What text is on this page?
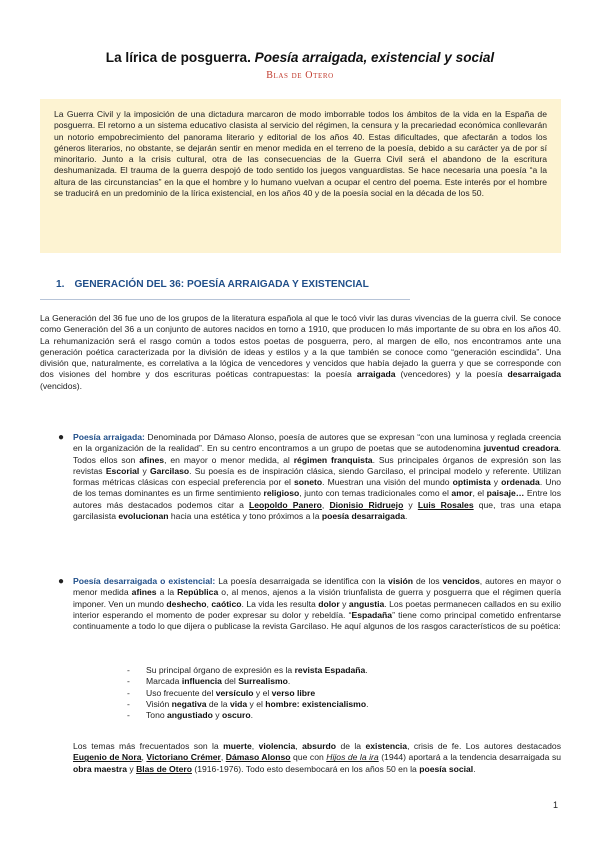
La lírica de posguerra. Poesía arraigada, existencial y social
Blas de Otero
La Guerra Civil y la imposición de una dictadura marcaron de modo imborrable todos los ámbitos de la vida en la España de posguerra. El retorno a un sistema educativo clasista al servicio del régimen, la censura y la precariedad económica conllevarán un notorio empobrecimiento del panorama literario y editorial de los años 40. Estas dificultades, que afectarán a todos los géneros literarios, no obstante, se dejarán sentir en menor medida en el terreno de la poesía, debido a su carácter ya de por sí minoritario. Junto a la crisis cultural, otra de las consecuencias de la Guerra Civil será el abandono de la escritura deshumanizada. El trauma de la guerra despojó de todo sentido los juegos vanguardistas. Se hace necesaria una poesía “a la altura de las circunstancias” en la que el hombre y lo humano vuelvan a ocupar el centro del poema. Este interés por el hombre se traducirá en un predominio de la lírica existencial, en los años 40 y de la poesía social en la década de los 50.
1. GENERACIÓN DEL 36: POESÍA ARRAIGADA Y EXISTENCIAL
La Generación del 36 fue uno de los grupos de la literatura española al que le tocó vivir las duras vivencias de la guerra civil. Se conoce como Generación del 36 a un conjunto de autores nacidos en torno a 1910, que producen lo más importante de su obra en los años 40. La rehumanización será el rasgo común a todos estos poetas de posguerra, pero, al margen de ello, nos encontramos ante una generación poética caracterizada por la división de ideas y estilos y a la que también se conoce como “generación escindida”. Una división que, naturalmente, es correlativa a la lógica de vencedores y vencidos que había dejado la guerra y que se corresponde con dos visiones del hombre y dos escrituras poéticas contrapuestas: la poesía arraigada (vencedores) y la poesía desarraigada (vencidos).
●	Poesía arraigada: Denominada por Dámaso Alonso, poesía de autores que se expresan “con una luminosa y reglada creencia en la organización de la realidad”. En su centro encontramos a un grupo de poetas que se autodenomina juventud creadora. Todos ellos son afines, en mayor o menor medida, al régimen franquista. Sus principales órganos de expresión son las revistas Escorial y Garcilaso. Su poesía es de inspiración clásica, siendo Garcilaso, el principal modelo y referente. Utilizan formas métricas clásicas con especial preferencia por el soneto. Muestran una visión del mundo optimista y ordenada. Uno de los temas dominantes es un firme sentimiento religioso, junto con temas tradicionales como el amor, el paisaje… Entre los autores más destacados podemos citar a Leopoldo Panero, Dionisio Ridruejo y Luis Rosales que, tras una etapa garcilasista evolucionan hacia una estética y tono próximos a la poesía desarraigada.
●	Poesía desarraigada o existencial: La poesía desarraigada se identifica con la visión de los vencidos, autores en mayor o menor medida afines a la República o, al menos, ajenos a la visión triunfalista de guerra y posguerra que el régimen quería imponer. Ven un mundo deshecho, caótico. La vida les resulta dolor y angustia. Los poetas permanecen callados en su exilio interior esperando el momento de poder expresar su dolor y rebeldía. “Espadaña” tiene como principal cometido enfrentarse continuamente a todo lo que dijera o publicase la revista Garcilaso. He aquí algunos de los rasgos característicos de su poética:
- Su principal órgano de expresión es la revista Espadaña.
- Marcada influencia del Surrealismo.
- Uso frecuente del versículo y el verso libre
- Visión negativa de la vida y el hombre: existencialismo.
- Tono angustiado y oscuro.
Los temas más frecuentados son la muerte, violencia, absurdo de la existencia, crisis de fe. Los autores destacados Eugenio de Nora, Victoriano Crémer, Dámaso Alonso que con Hijos de la ira (1944) aportará a la tendencia desarraigada su obra maestra y Blas de Otero (1916-1976). Todo esto desembocará en los años 50 en la poesía social.
1
